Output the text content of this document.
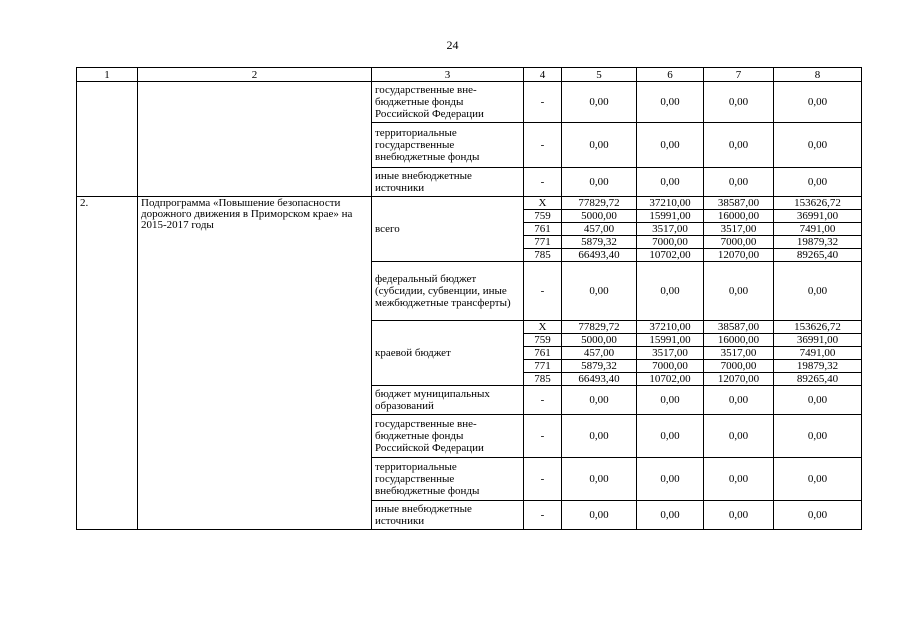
24
1	2	3	4	5	6	7	8
		государственные вне-бюджетные фонды Российской Федерации	-	0,00	0,00	0,00	0,00
		территориальные государственные внебюджетные фонды	-	0,00	0,00	0,00	0,00
		иные внебюджетные источники	-	0,00	0,00	0,00	0,00
2.	Подпрограмма «Повышение безопасности дорожного движения в Приморском крае» на 2015-2017 годы	всего	X	77829,72	37210,00	38587,00	153626,72
			759	5000,00	15991,00	16000,00	36991,00
			761	457,00	3517,00	3517,00	7491,00
			771	5879,32	7000,00	7000,00	19879,32
			785	66493,40	10702,00	12070,00	89265,40
		федеральный бюджет (субсидии, субвенции, иные межбюджетные трансферты)	-	0,00	0,00	0,00	0,00
		краевой бюджет	X	77829,72	37210,00	38587,00	153626,72
			759	5000,00	15991,00	16000,00	36991,00
			761	457,00	3517,00	3517,00	7491,00
			771	5879,32	7000,00	7000,00	19879,32
			785	66493,40	10702,00	12070,00	89265,40
		бюджет муниципальных образований	-	0,00	0,00	0,00	0,00
		государственные вне-бюджетные фонды Российской Федерации	-	0,00	0,00	0,00	0,00
		территориальные государственные внебюджетные фонды	-	0,00	0,00	0,00	0,00
		иные внебюджетные источники	-	0,00	0,00	0,00	0,00
